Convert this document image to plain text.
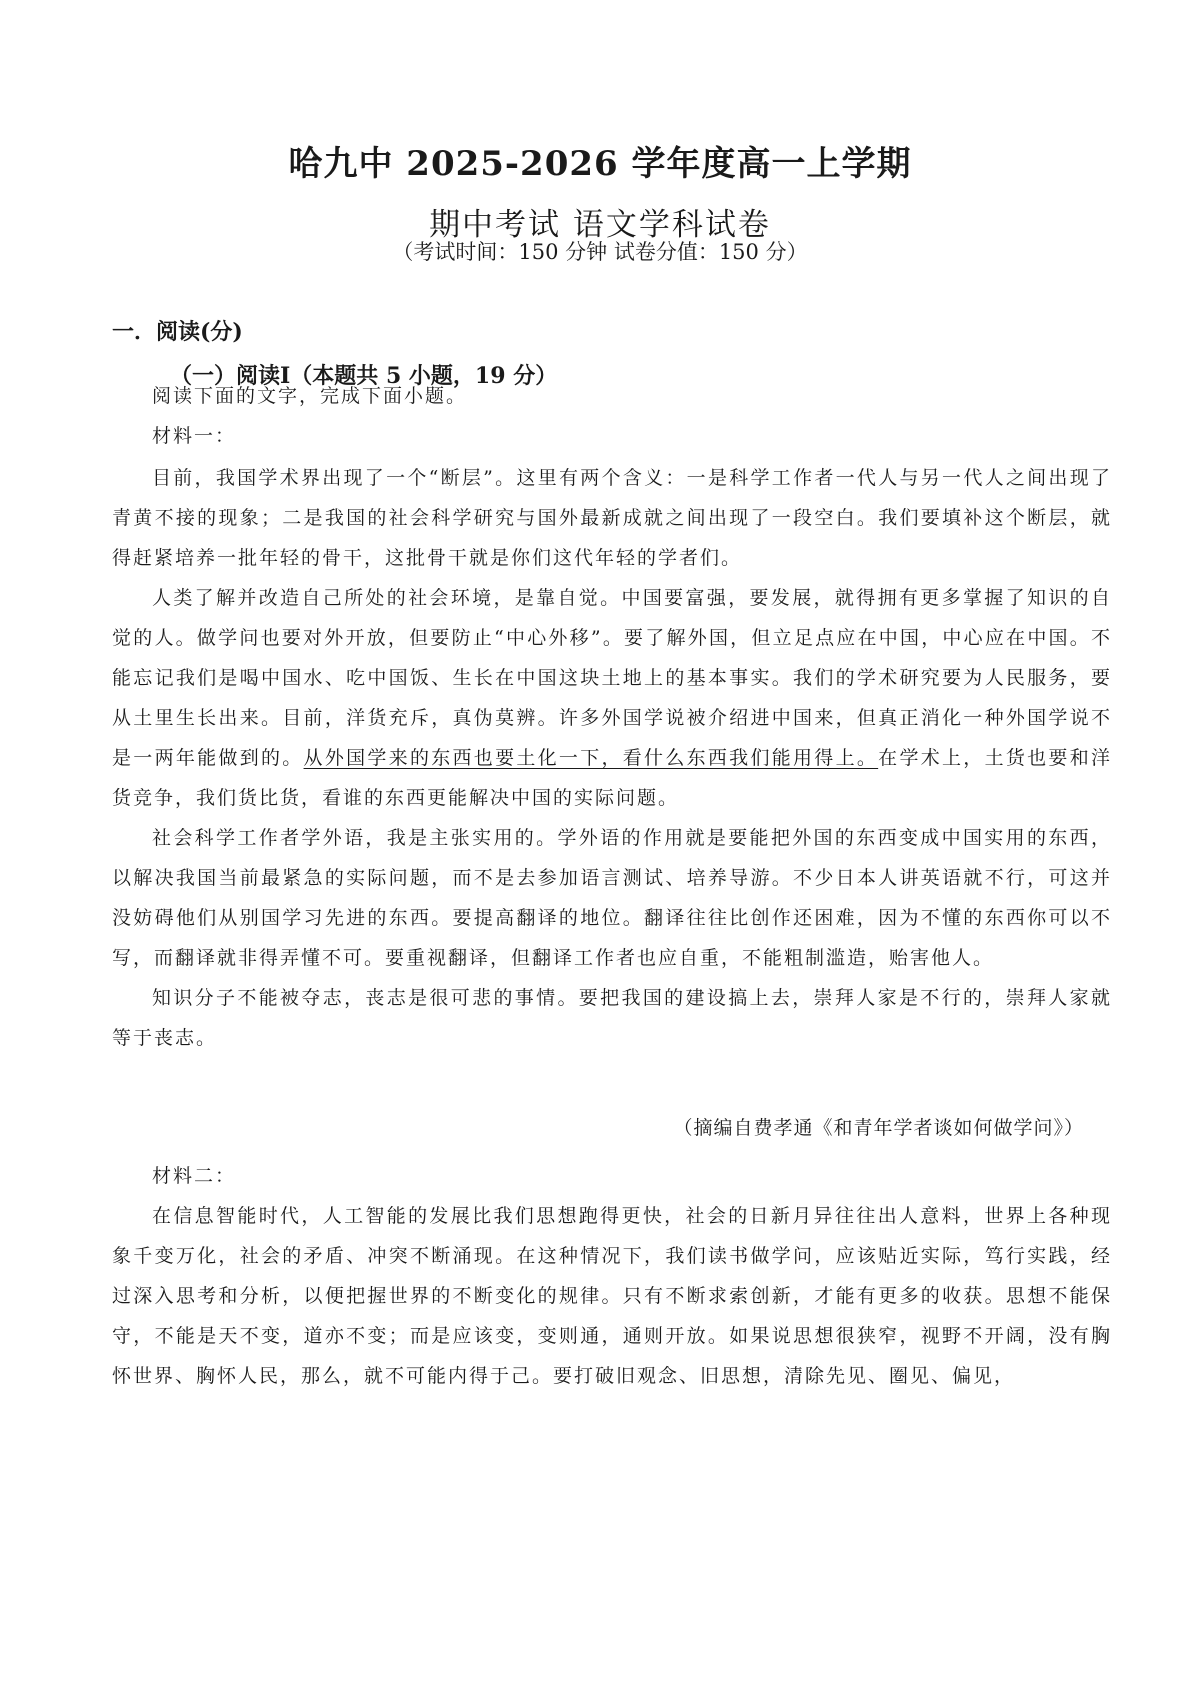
哈九中 2025-2026 学年度高一上学期
期中考试 语文学科试卷
（考试时间：150 分钟 试卷分值：150 分）
一．阅读(分)
（一）阅读I（本题共 5 小题，19 分）

阅读下面的文字，完成下面小题。

材料一：

目前，我国学术界出现了一个“断层”。这里有两个含义：一是科学工作者一代人与另一代人之间出现了青黄不接的现象；二是我国的社会科学研究与国外最新成就之间出现了一段空白。我们要填补这个断层，就得赶紧培养一批年轻的骨干，这批骨干就是你们这代年轻的学者们。

人类了解并改造自己所处的社会环境，是靠自觉。中国要富强，要发展，就得拥有更多掌握了知识的自觉的人。做学问也要对外开放，但要防止“中心外移”。要了解外国，但立足点应在中国，中心应在中国。不能忘记我们是喝中国水、吃中国饭、生长在中国这块土地上的基本事实。我们的学术研究要为人民服务，要从土里生长出来。目前，洋货充斥，真伪莫辨。许多外国学说被介绍进中国来，但真正消化一种外国学说不是一两年能做到的。从外国学来的东西也要土化一下，看什么东西我们能用得上。在学术上，土货也要和洋货竞争，我们货比货，看谁的东西更能解决中国的实际问题。

社会科学工作者学外语，我是主张实用的。学外语的作用就是要能把外国的东西变成中国实用的东西，以解决我国当前最紧急的实际问题，而不是去参加语言测试、培养导游。不少日本人讲英语就不行，可这并没妨碍他们从别国学习先进的东西。要提高翻译的地位。翻译往往比创作还困难，因为不懂的东西你可以不写，而翻译就非得弄懂不可。要重视翻译，但翻译工作者也应自重，不能粗制滥造，贻害他人。

知识分子不能被夺志，丧志是很可悲的事情。要把我国的建设搞上去，崇拜人家是不行的，崇拜人家就等于丧志。

（摘编自费孝通《和青年学者谈如何做学问》）

材料二：

在信息智能时代，人工智能的发展比我们思想跑得更快，社会的日新月异往往出人意料，世界上各种现象千变万化，社会的矛盾、冲突不断涌现。在这种情况下，我们读书做学问，应该贴近实际，笃行实践，经过深入思考和分析，以便把握世界的不断变化的规律。只有不断求索创新，才能有更多的收获。思想不能保守，不能是天不变，道亦不变；而是应该变，变则通，通则开放。如果说思想很狭窄，视野不开阔，没有胸怀世界、胸怀人民，那么，就不可能内得于己。要打破旧观念、旧思想，清除先见、圈见、偏见，
